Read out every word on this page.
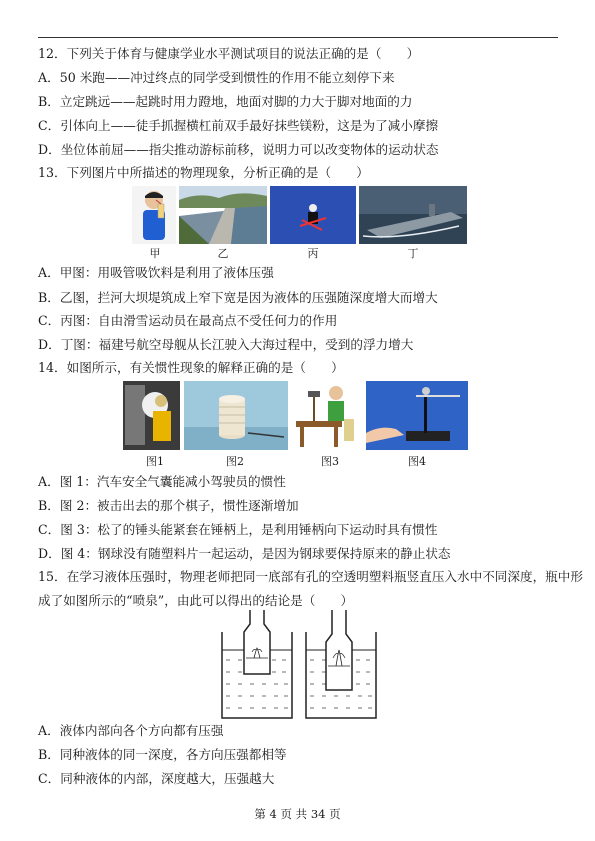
12．下列关于体育与健康学业水平测试项目的说法正确的是（　　）
A．50 米跑——冲过终点的同学受到惯性的作用不能立刻停下来
B．立定跳远——起跳时用力蹬地，地面对脚的力大于脚对地面的力
C．引体向上——徒手抓握横杠前双手最好抹些镁粉，这是为了减小摩擦
D．坐位体前屈——指尖推动游标前移，说明力可以改变物体的运动状态
13．下列图片中所描述的物理现象，分析正确的是（　　）
甲	乙	丙	丁
A．甲图：用吸管吸饮料是利用了液体压强
B．乙图，拦河大坝堤筑成上窄下宽是因为液体的压强随深度增大而增大
C．丙图：自由滑雪运动员在最高点不受任何力的作用
D．丁图：福建号航空母舰从长江驶入大海过程中，受到的浮力增大
14．如图所示，有关惯性现象的解释正确的是（　　）
图1	图2	图3	图4
A．图 1：汽车安全气囊能减小驾驶员的惯性
B．图 2：被击出去的那个棋子，惯性逐渐增加
C．图 3：松了的锤头能紧套在锤柄上，是利用锤柄向下运动时具有惯性
D．图 4：钢球没有随塑料片一起运动，是因为钢球要保持原来的静止状态
15．在学习液体压强时，物理老师把同一底部有孔的空透明塑料瓶竖直压入水中不同深度，瓶中形
成了如图所示的“喷泉”，由此可以得出的结论是（　　）
A．液体内部向各个方向都有压强
B．同种液体的同一深度，各方向压强都相等
C．同种液体的内部，深度越大，压强越大
第 4 页 共 34 页
